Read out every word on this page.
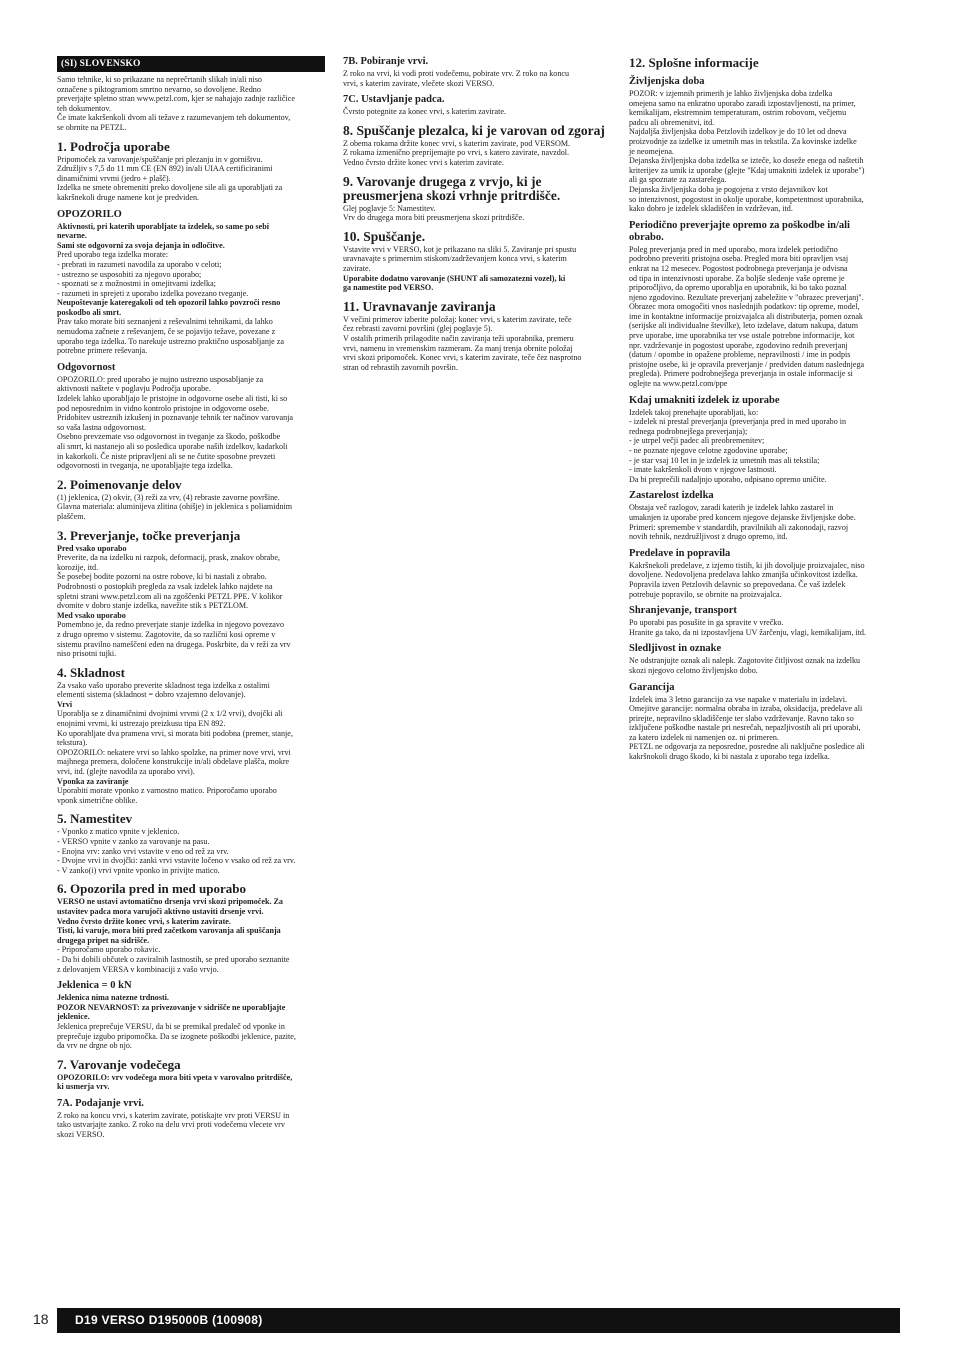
(SI) SLOVENSKO

Samo tehnike, ki so prikazane na neprečrtanih slikah in/ali niso
označene s piktogramom smrtno nevarno, so dovoljene. Redno
preverjajte spletno stran www.petzl.com, kjer se nahajajo zadnje različice
teh dokumentov.
Če imate kakršenkoli dvom ali težave z razumevanjem teh dokumentov,
se obrnite na PETZL.

1. Področja uporabe

Pripomoček za varovanje/spuščanje pri plezanju in v gorništvu.
Združljiv s 7,5 do 11 mm CE (EN 892) in/ali UIAA certificiranimi
dinamičnimi vrvmi (jedro + plašč).
Izdelka ne smete obremeniti preko dovoljene sile ali ga uporabljati za
kakršnekoli druge namene kot je predviden.

OPOZORILO

Aktivnosti, pri katerih uporabljate ta izdelek, so same po sebi
nevarne.
Sami ste odgovorni za svoja dejanja in odločitve.

Pred uporabo tega izdelka morate:
- prebrati in razumeti navodila za uporabo v celoti;
- ustrezno se usposobiti za njegovo uporabo;
- spoznati se z možnostmi in omejitvami izdelka;
- razumeti in sprejeti z uporabo izdelka povezano tveganje.

Neupoštevanje kateregakoli od teh opozoril lahko povzroči resno
poskodbo ali smrt.

Prav tako morate biti seznanjeni z reševalnimi tehnikami, da lahko
nemudoma začnete z reševanjem, če se pojavijo težave, povezane z
uporabo tega izdelka. To narekuje ustrezno praktično usposabljanje za
potrebne primere reševanja.

Odgovornost

OPOZORILO: pred uporabo je nujno ustrezno usposabljanje za
aktivnosti naštete v poglavju Področja uporabe.
Izdelek lahko uporabljajo le pristojne in odgovorne osebe ali tisti, ki so
pod neposrednim in vidno kontrolo pristojne in odgovorne osebe.
Pridobitev ustreznih izkušenj in poznavanje tehnik ter načinov varovanja
so vaša lastna odgovornost.
Osebno prevzemate vso odgovornost in tveganje za škodo, poškodbe
ali smrt, ki nastanejo ali so posledica uporabe naših izdelkov, kadarkoli
in kakorkoli. Če niste pripravljeni ali se ne čutite sposobne prevzeti
odgovornosti in tveganja, ne uporabljajte tega izdelka.

2. Poimenovanje delov

(1) jeklenica, (2) okvir, (3) reži za vrv, (4) rebraste zavorne površine.
Glavna materiala: aluminijeva zlitina (ohišje) in jeklenica s poliamidnim
plaščem.

3. Preverjanje, točke preverjanja

Pred vsako uporabo

Preverite, da na izdelku ni razpok, deformacij, prask, znakov obrabe,
korozije, itd.
Še posebej bodite pozorni na ostre robove, ki bi nastali z obrabo.
Podrobnosti o postopkih pregleda za vsak izdelek lahko najdete na
spletni strani www.petzl.com ali na zgoščenki PETZL PPE. V kolikor
dvomite v dobro stanje izdelka, navežite stik s PETZLOM.

Med vsako uporabo

Pomembno je, da redno preverjate stanje izdelka in njegovo povezavo
z drugo opremo v sistemu. Zagotovite, da so različni kosi opreme v
sistemu pravilno nameščeni eden na drugega. Poskrbite, da v reži za vrv
niso prisotni tujki.

4. Skladnost

Za vsako vašo uporabo preverite skladnost tega izdelka z ostalimi
elementi sistema (skladnost = dobro vzajemno delovanje).

Vrvi

Uporablja se z dinamičnimi dvojnimi vrvmi (2 x 1/2 vrvi), dvojčki ali
enojnimi vrvmi, ki ustrezajo preizkusu tipa EN 892.
Ko uporabljate dva pramena vrvi, si morata biti podobna (premer, stanje,
tekstura).
OPOZORILO: nekatere vrvi so lahko spolzke, na primer nove vrvi, vrvi
majhnega premera, določene konstrukcije in/ali obdelave plašča, mokre
vrvi, itd. (glejte navodila za uporabo vrvi).

Vponka za zaviranje

Uporabiti morate vponko z varnostno matico. Priporočamo uporabo
vponk simetrične oblike.

5. Namestitev

- Vponko z matico vpnite v jeklenico.
- VERSO vpnite v zanko za varovanje na pasu.
- Enojna vrv: zanko vrvi vstavite v eno od rež za vrv.
- Dvojne vrvi in dvojčki: zanki vrvi vstavite ločeno v vsako od rež za vrv.
- V zanko(i) vrvi vpnite vponko in privijte matico.

6. Opozorila pred in med uporabo

VERSO ne ustavi avtomatično drsenja vrvi skozi pripomoček. Za
ustavitev padca mora varujoči aktivno ustaviti drsenje vrvi.
Vedno čvrsto držite konec vrvi, s katerim zavirate.
Tisti, ki varuje, mora biti pred začetkom varovanja ali spuščanja
drugega pripet na sidrišče.

- Priporočamo uporabo rokavic.
- Da bi dobili občutek o zaviralnih lastnostih, se pred uporabo seznanite
z delovanjem VERSA v kombinaciji z vašo vrvjo.

Jeklenica = 0 kN

Jeklenica nima natezne trdnosti.
POZOR NEVARNOST: za privezovanje v sidrišče ne uporabljajte
jeklenice.

Jeklenica preprečuje VERSU, da bi se premikal predaleč od vponke in
preprečuje izgubo pripomočka. Da se izognete poškodbi jeklenice, pazite,
da vrv ne drgne ob njo.

7. Varovanje vodečega

OPOZORILO: vrv vodečega mora biti vpeta v varovalno pritrdišče,
ki usmerja vrv.

7A. Podajanje vrvi.

Z roko na koncu vrvi, s katerim zavirate, potiskajte vrv proti VERSU in
tako ustvarjajte zanko. Z roko na delu vrvi proti vodečemu vlecete vrv
skozi VERSO.

7B. Pobiranje vrvi.

Z roko na vrvi, ki vodi proti vodečemu, pobirate vrv. Z roko na koncu
vrvi, s katerim zavirate, vlečete skozi VERSO.

7C. Ustavljanje padca.

Čvrsto potegnite za konec vrvi, s katerim zavirate.

8. Spuščanje plezalca, ki je varovan od zgoraj

Z obema rokama držite konec vrvi, s katerim zavirate, pod VERSOM.
Z rokama izmenično prepríjemajte po vrvi, s katero zavirate, navzdol.
Vedno čvrsto držite konec vrvi s katerim zavirate.

9. Varovanje drugega z vrvjo, ki je
preusmerjena skozi vrhnje pritrdišče.

Glej poglavje 5: Namestitev.
Vrv do drugega mora biti preusmerjena skozi pritrdišče.

10. Spuščanje.

Vstavite vrvi v VERSO, kot je prikazano na sliki 5. Zaviranje pri spustu
uravnavajte s primernim stiskom/zadrževanjem konca vrvi, s katerim
zavirate.

Uporabite dodatno varovanje (SHUNT ali samozatezni vozel), ki
ga namestite pod VERSO.

11. Uravnavanje zaviranja

V večini primerov izberite položaj: konec vrvi, s katerim zavirate, teče
čez rebrasti zavorni površini (glej poglavje 5).
V ostalih primerih prilagodite način zaviranja teži uporabnika, premeru
vrvi, namenu in vremenskim razmeram. Za manj trenja obrnite položaj
vrvi skozi pripomoček. Konec vrvi, s katerim zavirate, teče čez nasprotno
stran od rebrastih zavornih površin.

12. Splošne informacije
Življenjska doba

POZOR: v izjemnih primerih je lahko življenjska doba izdelka
omejena samo na enkratno uporabo zaradi izpostavljenosti, na primer,
kemikalijam, ekstremnim temperaturam, ostrim robovom, večjemu
padcu ali obremenitvi, itd.
Najdaljša življenjska doba Petzlovih izdelkov je do 10 let od dneva
proizvodnje za izdelke iz umetnih mas in tekstila. Za kovinske izdelke
je neomejena.
Dejanska življenjska doba izdelka se izteče, ko doseže enega od naštetih
kriterijev za umik iz uporabe (glejte "Kdaj umakniti izdelek iz uporabe")
ali ga spoznate za zastarelega.
Dejanska življenjska doba je pogojena z vrsto dejavnikov kot
so intenzivnost, pogostost in okolje uporabe, kompetentnost uporabnika,
kako dobro je izdelek skladiščen in vzdrževan, itd.

Periodično preverjajte opremo za poškodbe in/ali
obrabo.

Poleg preverjanja pred in med uporabo, mora izdelek periodično
podrobno preveriti pristojna oseba. Pregled mora biti opravljen vsaj
enkrat na 12 mesecev. Pogostost podrobnega preverjanja je odvisna
od tipa in intenzivnosti uporabe. Za boljše sledenje vaše opreme je
priporočljivo, da opremo uporablja en uporabnik, ki bo tako poznal
njeno zgodovino. Rezultate preverjanj zabeležite v "obrazec preverjanj".
Obrazec mora omogočiti vnos naslednjih podatkov: tip opreme, model,
ime in kontaktne informacije proizvajalca ali distributerja, pomen oznak
(serijske ali individualne številke), leto izdelave, datum nakupa, datum
prve uporabe, ime uporabnika ter vse ostale potrebne informacije, kot
npr. vzdrževanje in pogostost uporabe, zgodovino rednih preverjanj
(datum / opombe in opažene probleme, nepravilnosti / ime in podpis
pristojne osebe, ki je opravila preverjanje / predviden datum naslednjega
pregleda). Primere podrobnejšega preverjanja in ostale informacije si
oglejte na www.petzl.com/ppe

Kdaj umakniti izdelek iz uporabe

Izdelek takoj prenehajte uporabljati, ko:
- izdelek ni prestal preverjanja (preverjanja pred in med uporabo in
rednega podrobnejšega preverjanja);
- je utrpel večji padec ali preobremenitev;
- ne poznate njegove celotne zgodovine uporabe;
- je star vsaj 10 let in je izdelek iz umetnih mas ali tekstila;
- imate kakršenkoli dvom v njegove lastnosti.
Da bi preprečili nadaljnjo uporabo, odpisano opremo uničite.

Zastarelost izdelka

Obstaja več razlogov, zaradi katerih je izdelek lahko zastarel in
umaknjen iz uporabe pred koncem njegove dejanske življenjske dobe.
Primeri: spremembe v standardih, pravilnikih ali zakonodaji, razvoj
novih tehnik, nezdružljivost z drugo opremo, itd.

Predelave in popravila

Kakršnekoli predelave, z izjemo tistih, ki jih dovoljuje proizvajalec, niso
dovoljene. Nedovoljena predelava lahko zmanjša učinkovitost izdelka.
Popravila izven Petzlovih delavnic so prepovedana. Če vaš izdelek
potrebuje popravilo, se obrnite na proizvajalca.

Shranjevanje, transport

Po uporabi pas posušite in ga spravite v vrečko.
Hranite ga tako, da ni izpostavljena UV žarčenju, vlagi, kemikalijam, itd.

Sledljivost in oznake

Ne odstranjujte oznak ali nalepk. Zagotovite čitljivost oznak na izdelku
skozi njegovo celotno življenjsko dobo.

Garancija

Izdelek ima 3 letno garancijo za vse napake v materialu in izdelavi.
Omejitve garancije: normalna obraba in izraba, oksidacija, predelave ali
prirejte, nepravilno skladiščenje ter slabo vzdrževanje. Ravno tako so
izključene poškodbe nastale pri nesrečah, nepazljivostih ali pri uporabi,
za katero izdelek ni namenjen oz. ni primeren.
PETZL ne odgovarja za neposredne, posredne ali naključne posledice ali
kakršnokoli drugo škodo, ki bi nastala z uporabo tega izdelka.

18	D19 VERSO D195000B (100908)
